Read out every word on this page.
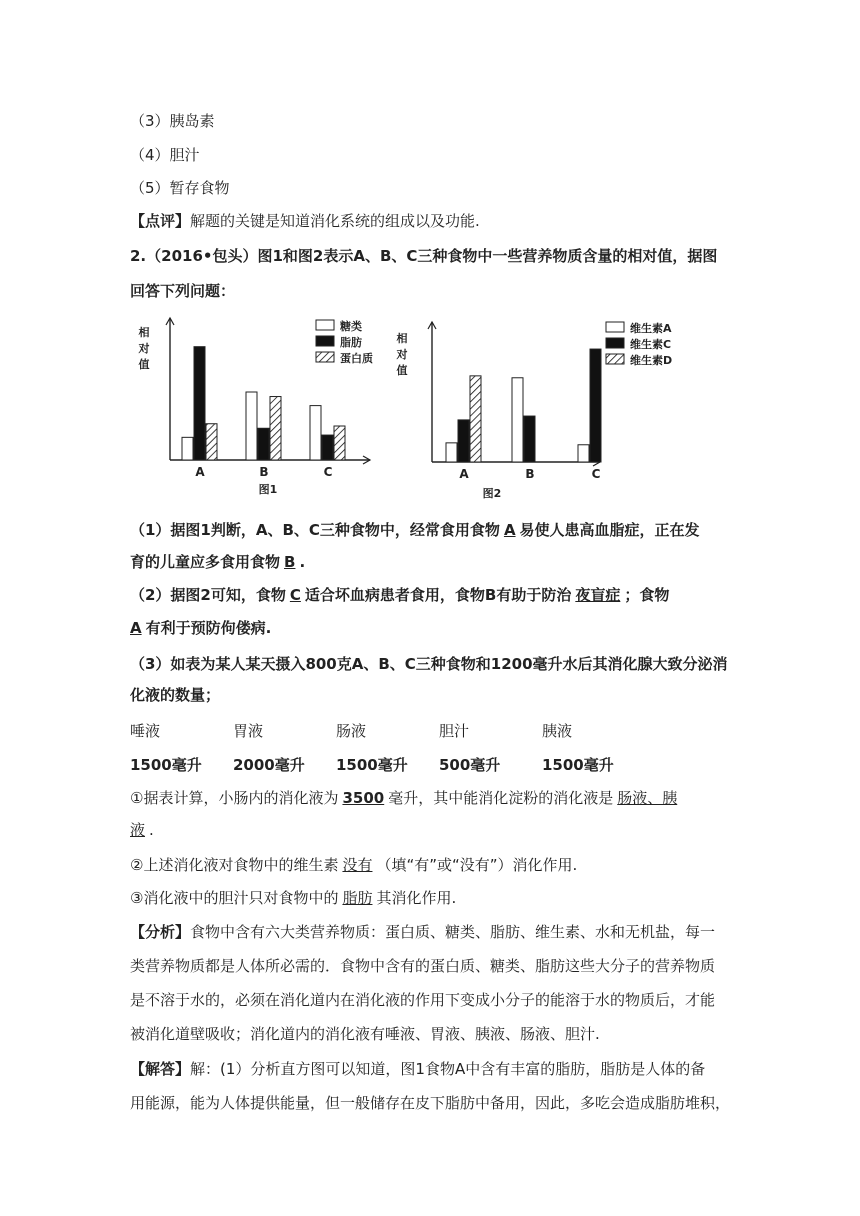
（3）胰岛素
（4）胆汁
（5）暂存食物
【点评】解题的关键是知道消化系统的组成以及功能.
2.（2016•包头）图1和图2表示A、B、C三种食物中一些营养物质含量的相对值，据图
回答下列问题：
相
对
值
A	B	C
糖类
脂肪
蛋白质
图1
相
对
值
A	B	C
维生素A
维生素C
维生素D
图2
（1）据图1判断，A、B、C三种食物中，经常食用食物 A 易使人患高血脂症，正在发
育的儿童应多食用食物 B .
（2）据图2可知，食物 C 适合坏血病患者食用，食物B有助于防治 夜盲症 ；食物
A 有利于预防佝偻病.
（3）如表为某人某天摄入800克A、B、C三种食物和1200毫升水后其消化腺大致分泌消
化液的数量；
唾液	胃液	肠液	胆汁	胰液
1500毫升 2000毫升 1500毫升 500毫升	1500毫升
①据表计算，小肠内的消化液为 3500 毫升，其中能消化淀粉的消化液是 肠液、胰
液 .
②上述消化液对食物中的维生素 没有 （填“有”或“没有”）消化作用.
③消化液中的胆汁只对食物中的 脂肪 其消化作用.
【分析】食物中含有六大类营养物质：蛋白质、糖类、脂肪、维生素、水和无机盐，每一
类营养物质都是人体所必需的．食物中含有的蛋白质、糖类、脂肪这些大分子的营养物质
是不溶于水的，必须在消化道内在消化液的作用下变成小分子的能溶于水的物质后，才能
被消化道壁吸收；消化道内的消化液有唾液、胃液、胰液、肠液、胆汁.
【解答】解：(1）分析直方图可以知道，图1食物A中含有丰富的脂肪，脂肪是人体的备
用能源，能为人体提供能量，但一般储存在皮下脂肪中备用，因此，多吃会造成脂肪堆积，
